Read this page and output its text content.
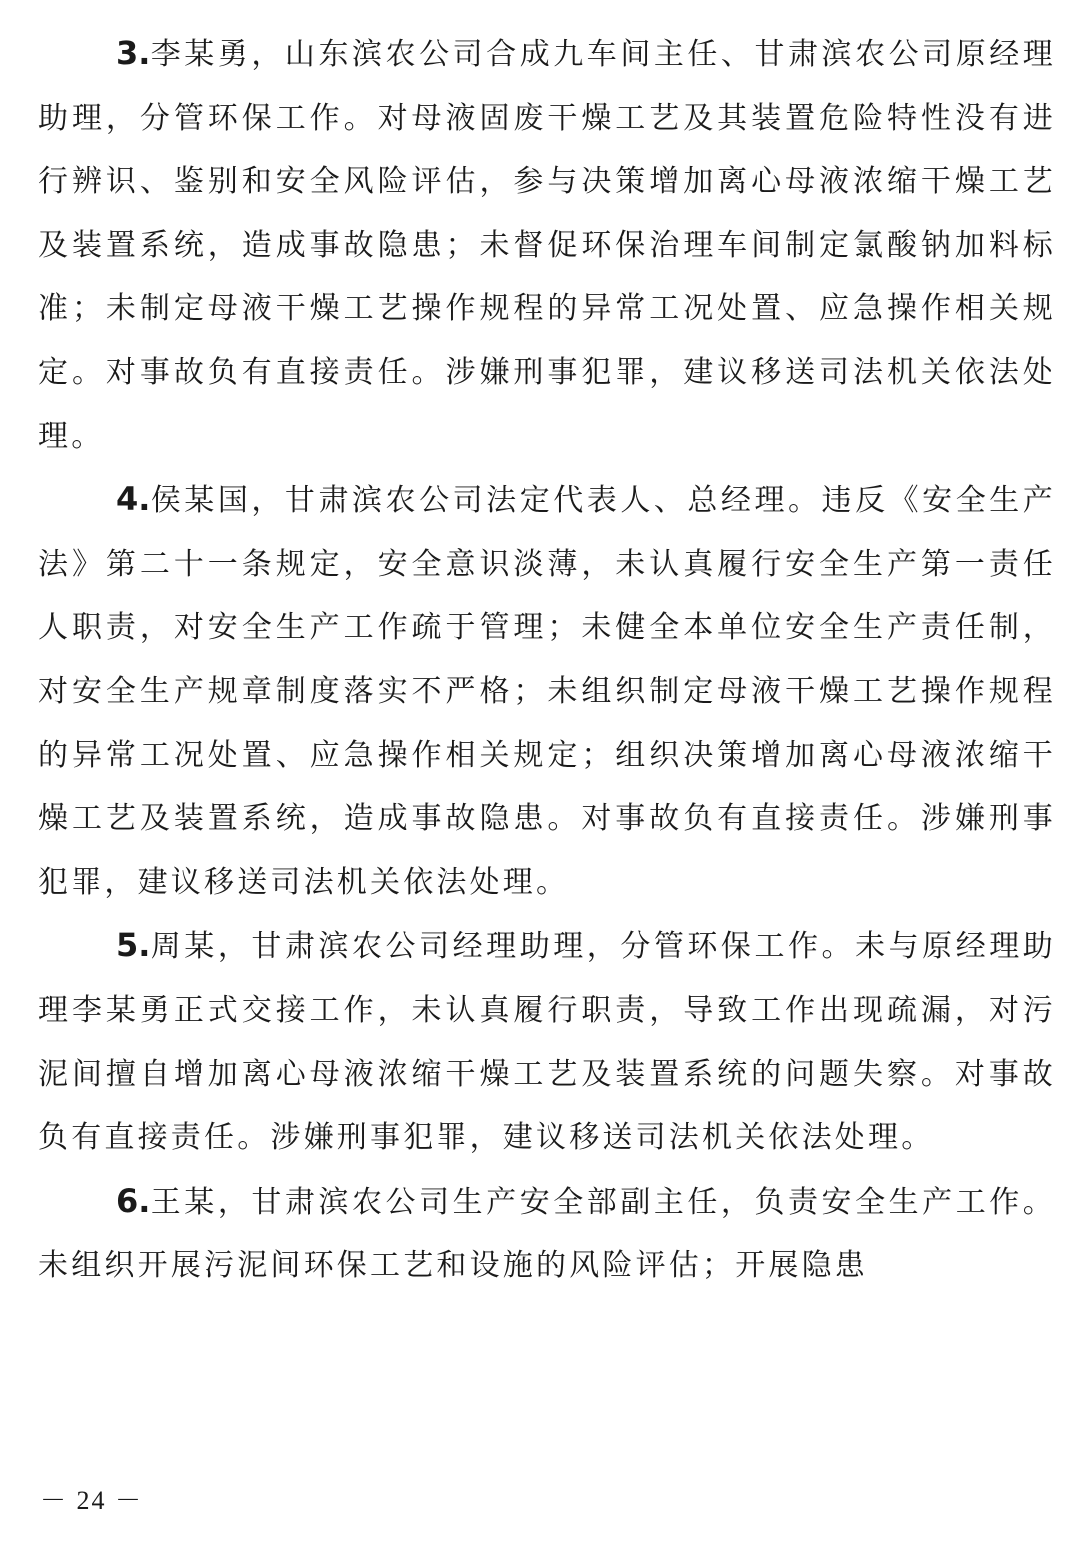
3.李某勇，山东滨农公司合成九车间主任、甘肃滨农公司原经理助理，分管环保工作。对母液固废干燥工艺及其装置危险特性没有进行辨识、鉴别和安全风险评估，参与决策增加离心母液浓缩干燥工艺及装置系统，造成事故隐患；未督促环保治理车间制定氯酸钠加料标准；未制定母液干燥工艺操作规程的异常工况处置、应急操作相关规定。对事故负有直接责任。涉嫌刑事犯罪，建议移送司法机关依法处理。

4.侯某国，甘肃滨农公司法定代表人、总经理。违反《安全生产法》第二十一条规定，安全意识淡薄，未认真履行安全生产第一责任人职责，对安全生产工作疏于管理；未健全本单位安全生产责任制，对安全生产规章制度落实不严格；未组织制定母液干燥工艺操作规程的异常工况处置、应急操作相关规定；组织决策增加离心母液浓缩干燥工艺及装置系统，造成事故隐患。对事故负有直接责任。涉嫌刑事犯罪，建议移送司法机关依法处理。

5.周某，甘肃滨农公司经理助理，分管环保工作。未与原经理助理李某勇正式交接工作，未认真履行职责，导致工作出现疏漏，对污泥间擅自增加离心母液浓缩干燥工艺及装置系统的问题失察。对事故负有直接责任。涉嫌刑事犯罪，建议移送司法机关依法处理。

6.王某，甘肃滨农公司生产安全部副主任，负责安全生产工作。未组织开展污泥间环保工艺和设施的风险评估；开展隐患

－ 24 －
